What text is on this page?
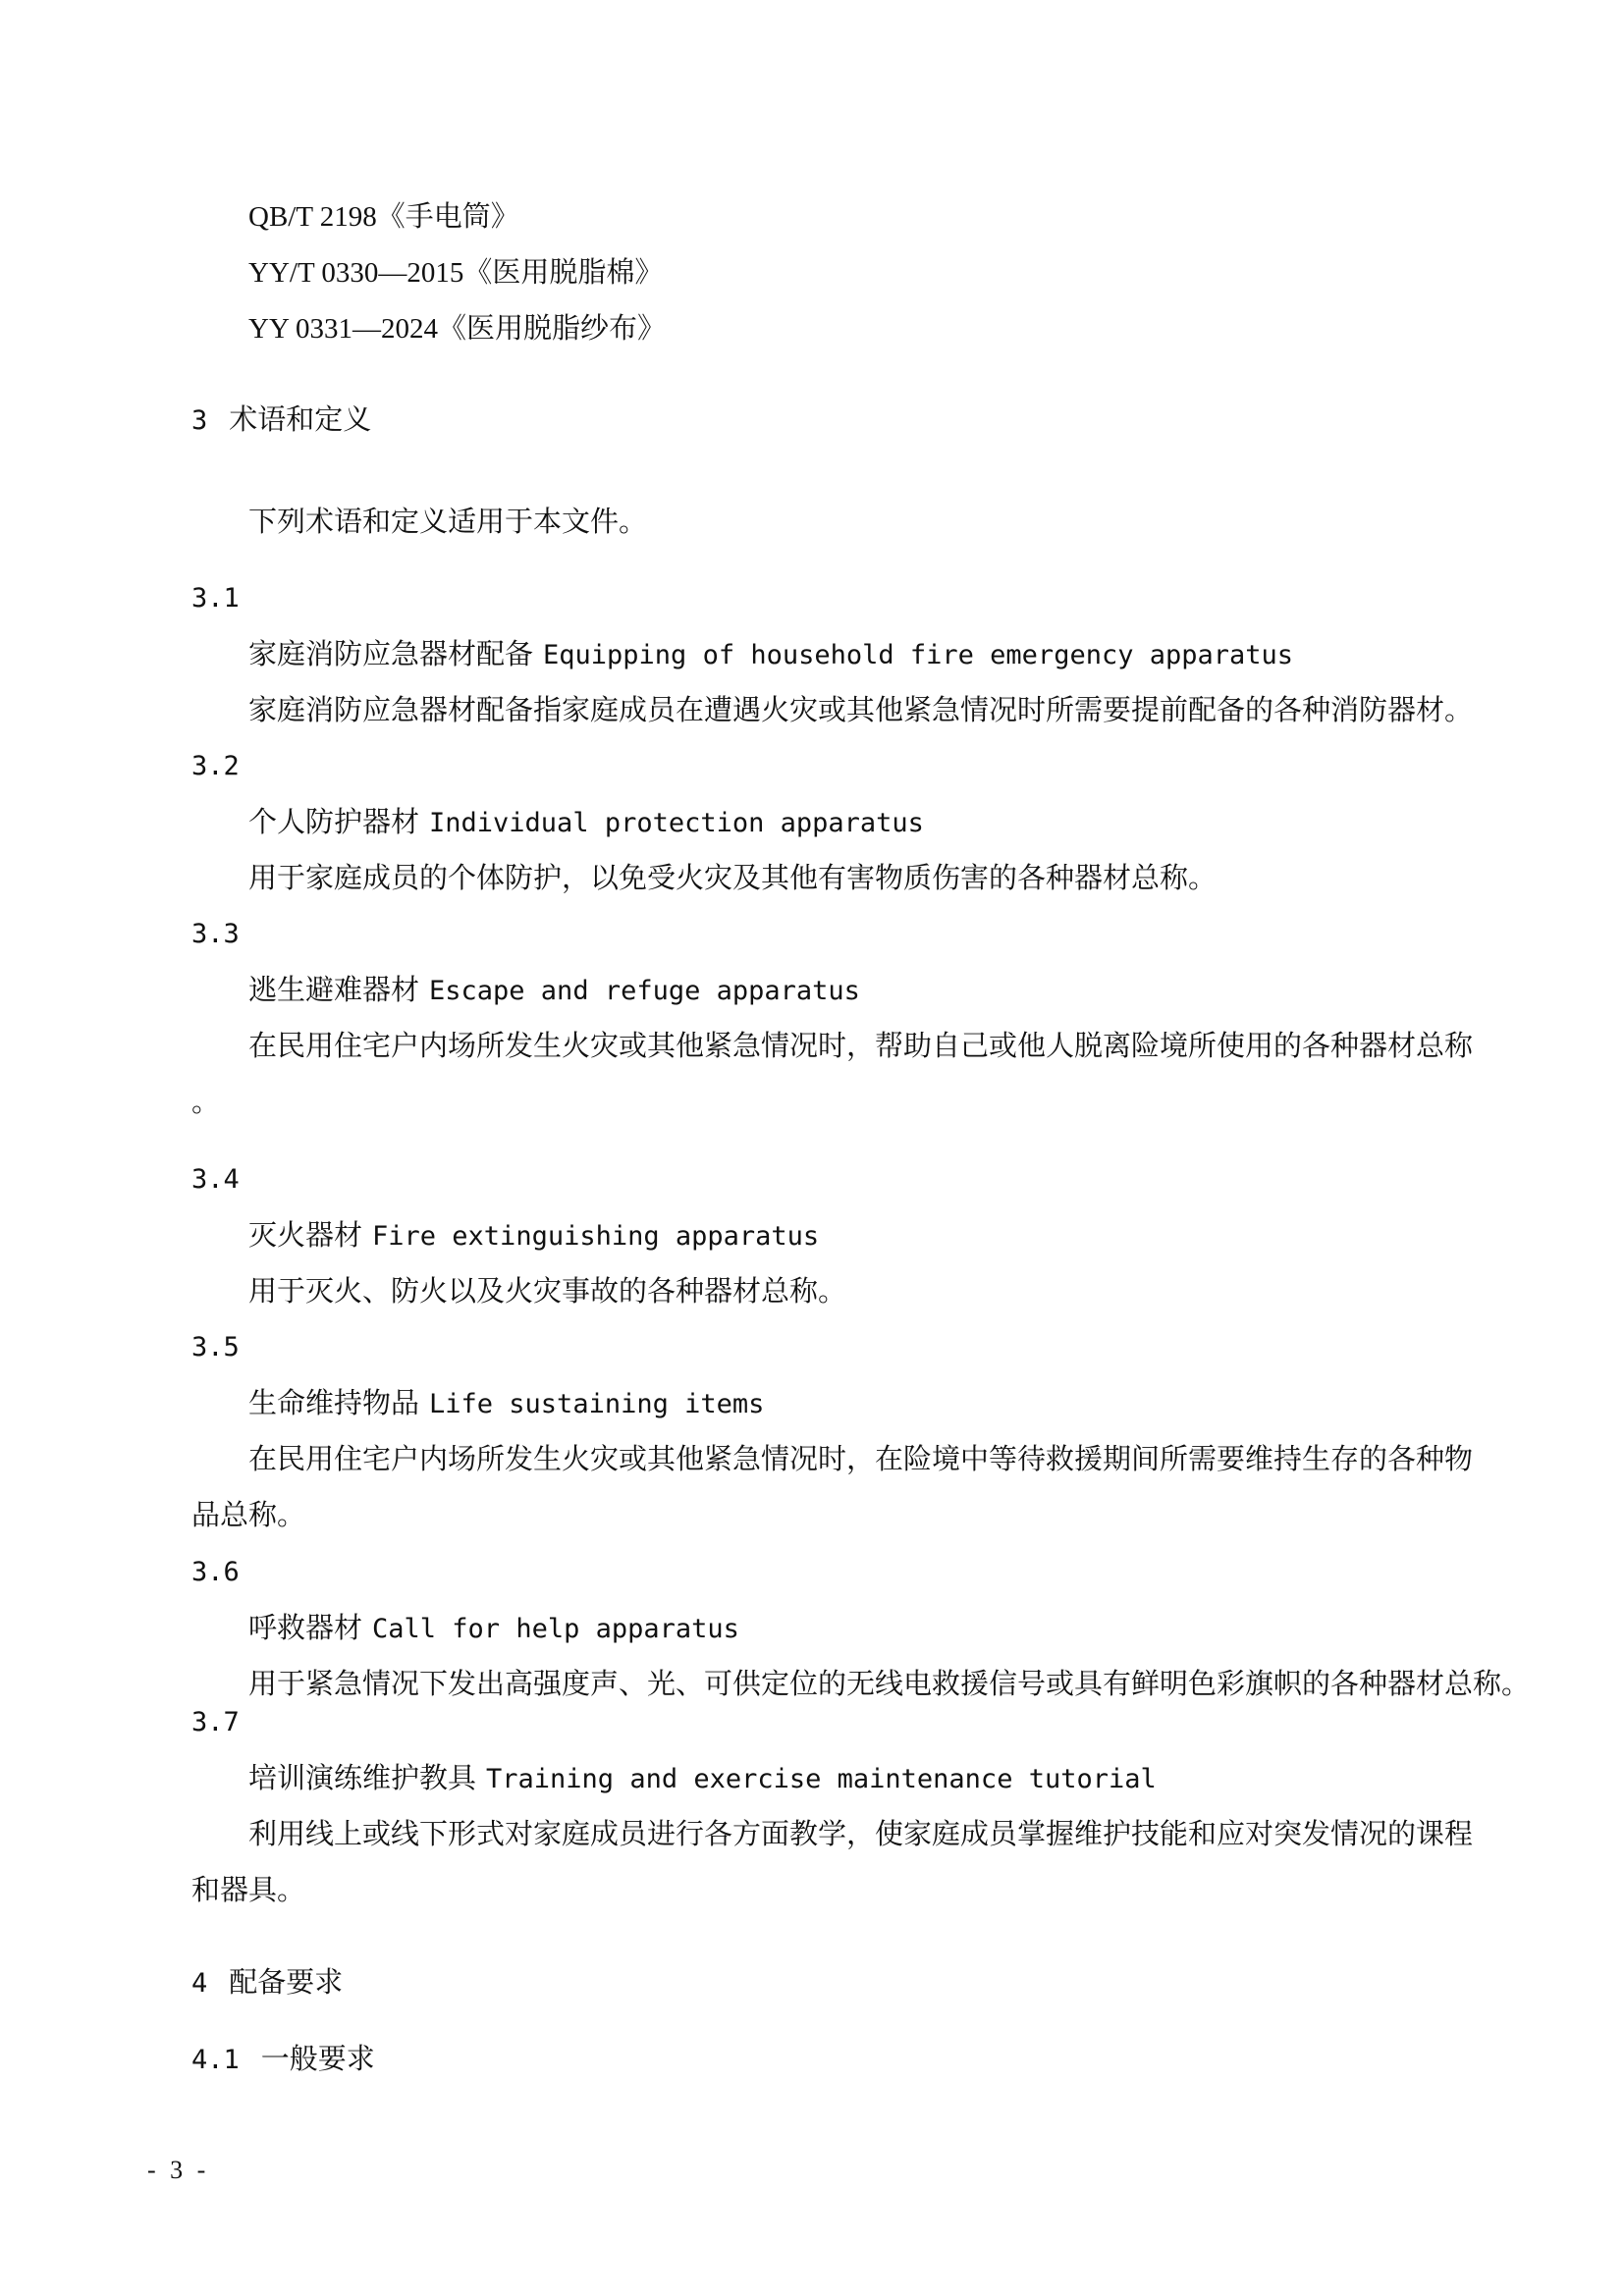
QB/T 2198《手电筒》
YY/T 0330—2015《医用脱脂棉》
YY 0331—2024《医用脱脂纱布》
3 术语和定义
下列术语和定义适用于本文件。
3.1
家庭消防应急器材配备 Equipping of household fire emergency apparatus
家庭消防应急器材配备指家庭成员在遭遇火灾或其他紧急情况时所需要提前配备的各种消防器材。
3.2
个人防护器材 Individual protection apparatus
用于家庭成员的个体防护，以免受火灾及其他有害物质伤害的各种器材总称。
3.3
逃生避难器材 Escape and refuge apparatus
在民用住宅户内场所发生火灾或其他紧急情况时，帮助自己或他人脱离险境所使用的各种器材总称
。
3.4
灭火器材 Fire extinguishing apparatus
用于灭火、防火以及火灾事故的各种器材总称。
3.5
生命维持物品 Life sustaining items
在民用住宅户内场所发生火灾或其他紧急情况时，在险境中等待救援期间所需要维持生存的各种物
品总称。
3.6
呼救器材 Call for help apparatus
用于紧急情况下发出高强度声、光、可供定位的无线电救援信号或具有鲜明色彩旗帜的各种器材总称。
3.7
培训演练维护教具 Training and exercise maintenance tutorial
利用线上或线下形式对家庭成员进行各方面教学，使家庭成员掌握维护技能和应对突发情况的课程
和器具。
4 配备要求
4.1 一般要求
- 3 -
